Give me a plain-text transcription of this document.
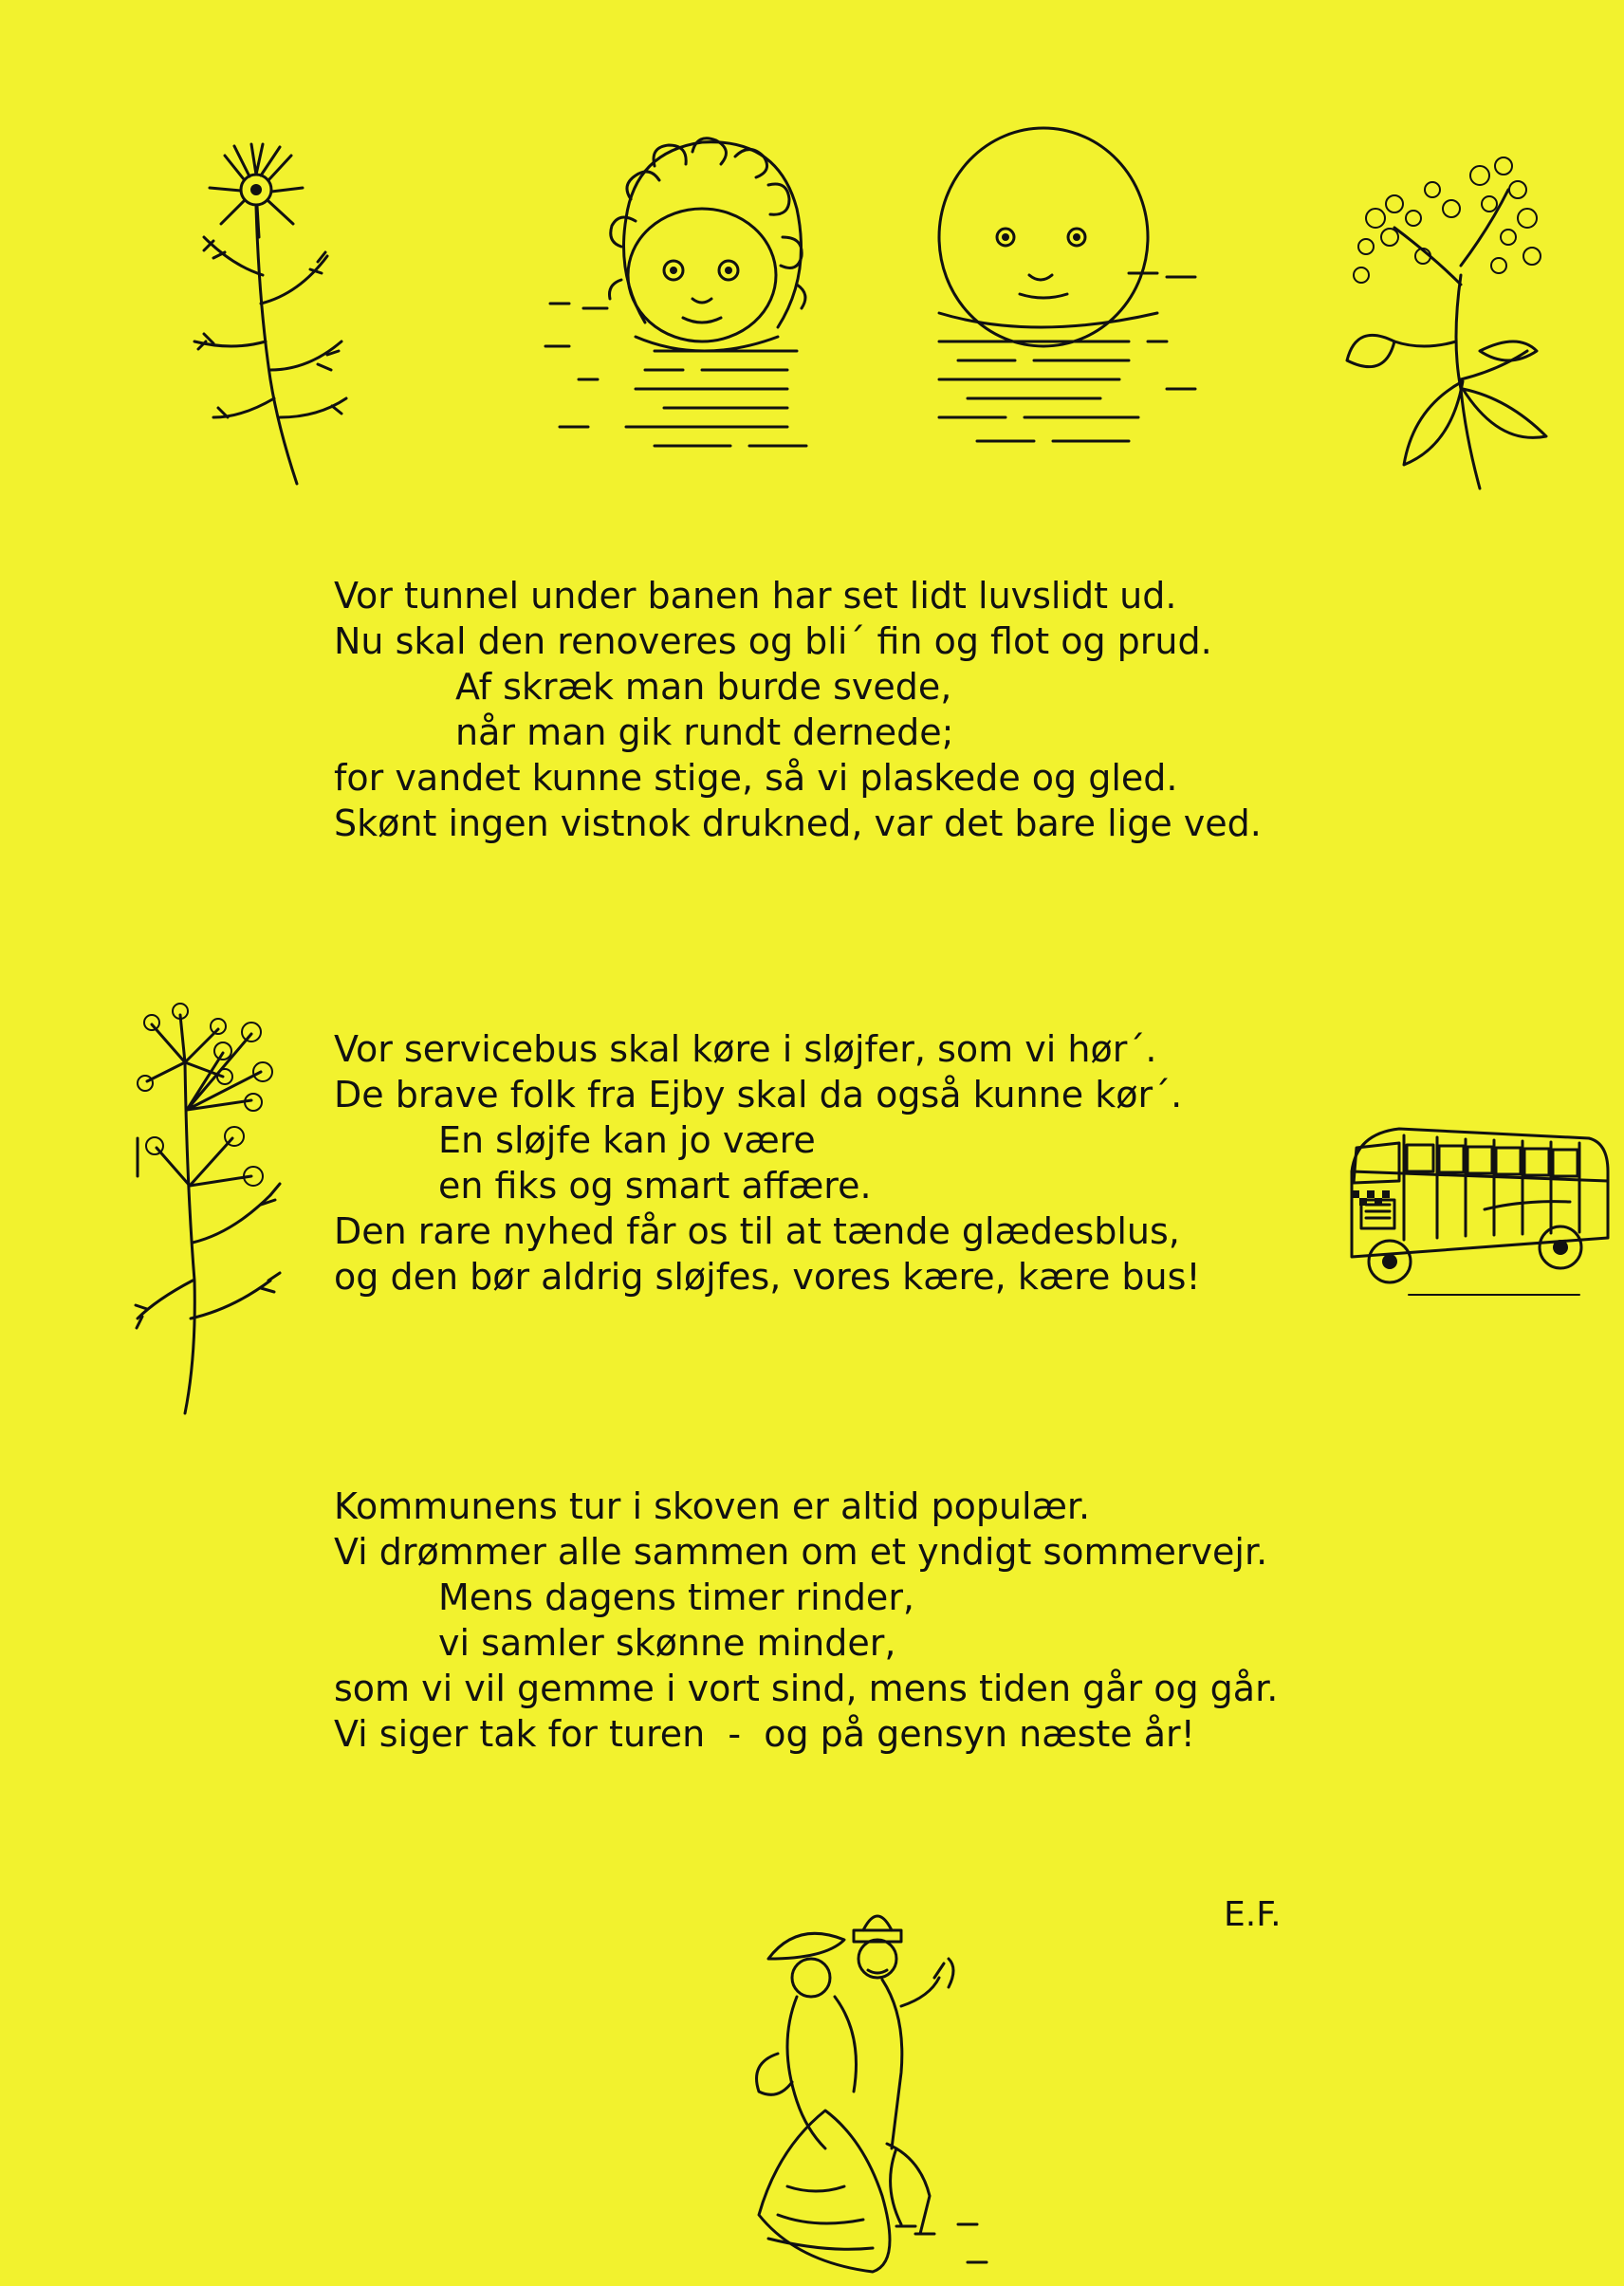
Vor tunnel under banen har set lidt luvslidt ud.
Nu skal den renoveres og bli´ fin og flot og prud.
Af skræk man burde svede,
når man gik rundt dernede;
for vandet kunne stige, så vi plaskede og gled.
Skønt ingen vistnok drukned, var det bare lige ved.
Vor servicebus skal køre i sløjfer, som vi hør´.
De brave folk fra Ejby skal da også kunne kør´.
En sløjfe kan jo være
en fiks og smart affære.
Den rare nyhed får os til at tænde glædesblus,
og den bør aldrig sløjfes, vores kære, kære bus!
Kommunens tur i skoven er altid populær.
Vi drømmer alle sammen om et yndigt sommervejr.
Mens dagens timer rinder,
vi samler skønne minder,
som vi vil gemme i vort sind, mens tiden går og går.
Vi siger tak for turen  -  og på gensyn næste år!
E.F.
